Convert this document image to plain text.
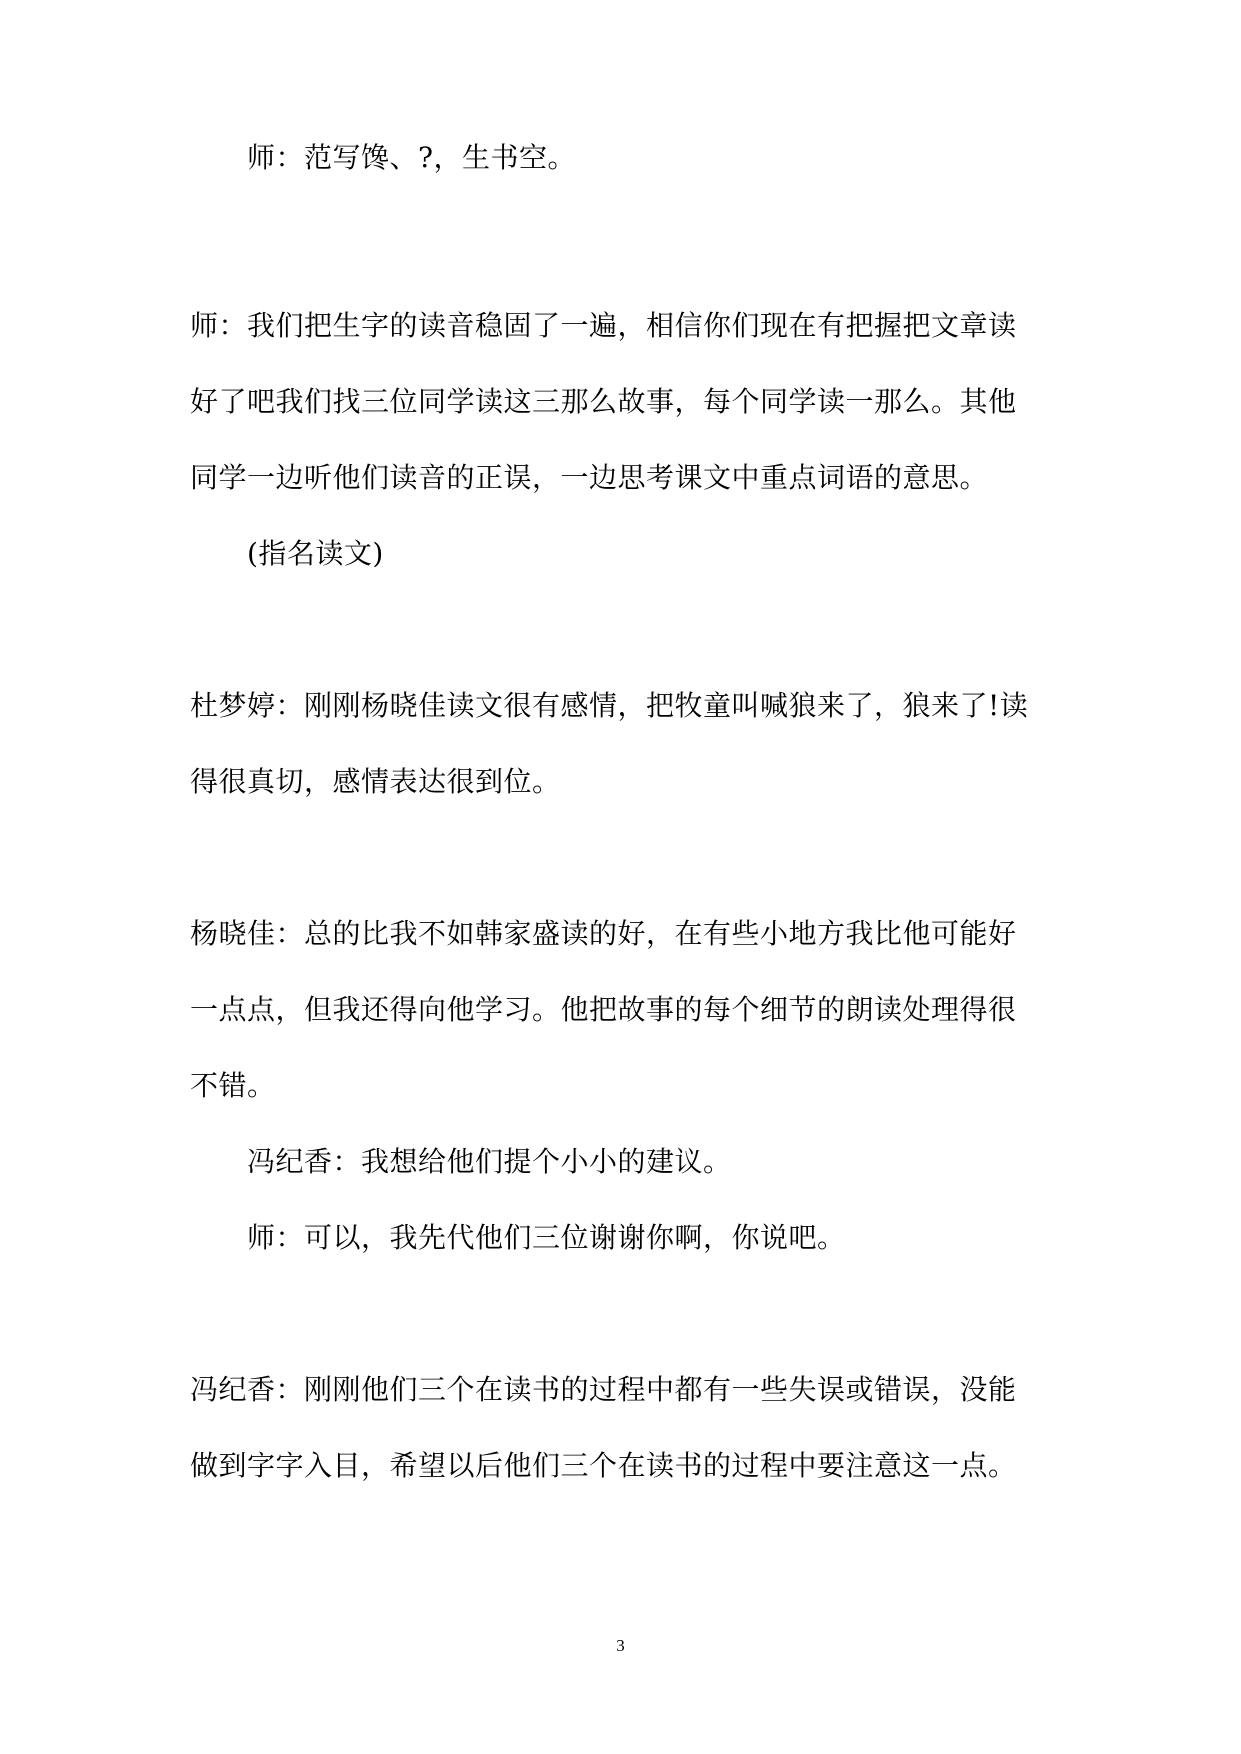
师：范写馋、?，生书空。

师：我们把生字的读音稳固了一遍，相信你们现在有把握把文章读

好了吧我们找三位同学读这三那么故事，每个同学读一那么。其他

同学一边听他们读音的正误，一边思考课文中重点词语的意思。

(指名读文)

杜梦婷：刚刚杨晓佳读文很有感情，把牧童叫喊狼来了，狼来了!读

得很真切，感情表达很到位。

杨晓佳：总的比我不如韩家盛读的好，在有些小地方我比他可能好

一点点，但我还得向他学习。他把故事的每个细节的朗读处理得很

不错。

冯纪香：我想给他们提个小小的建议。

师：可以，我先代他们三位谢谢你啊，你说吧。

冯纪香：刚刚他们三个在读书的过程中都有一些失误或错误，没能

做到字字入目，希望以后他们三个在读书的过程中要注意这一点。

3
